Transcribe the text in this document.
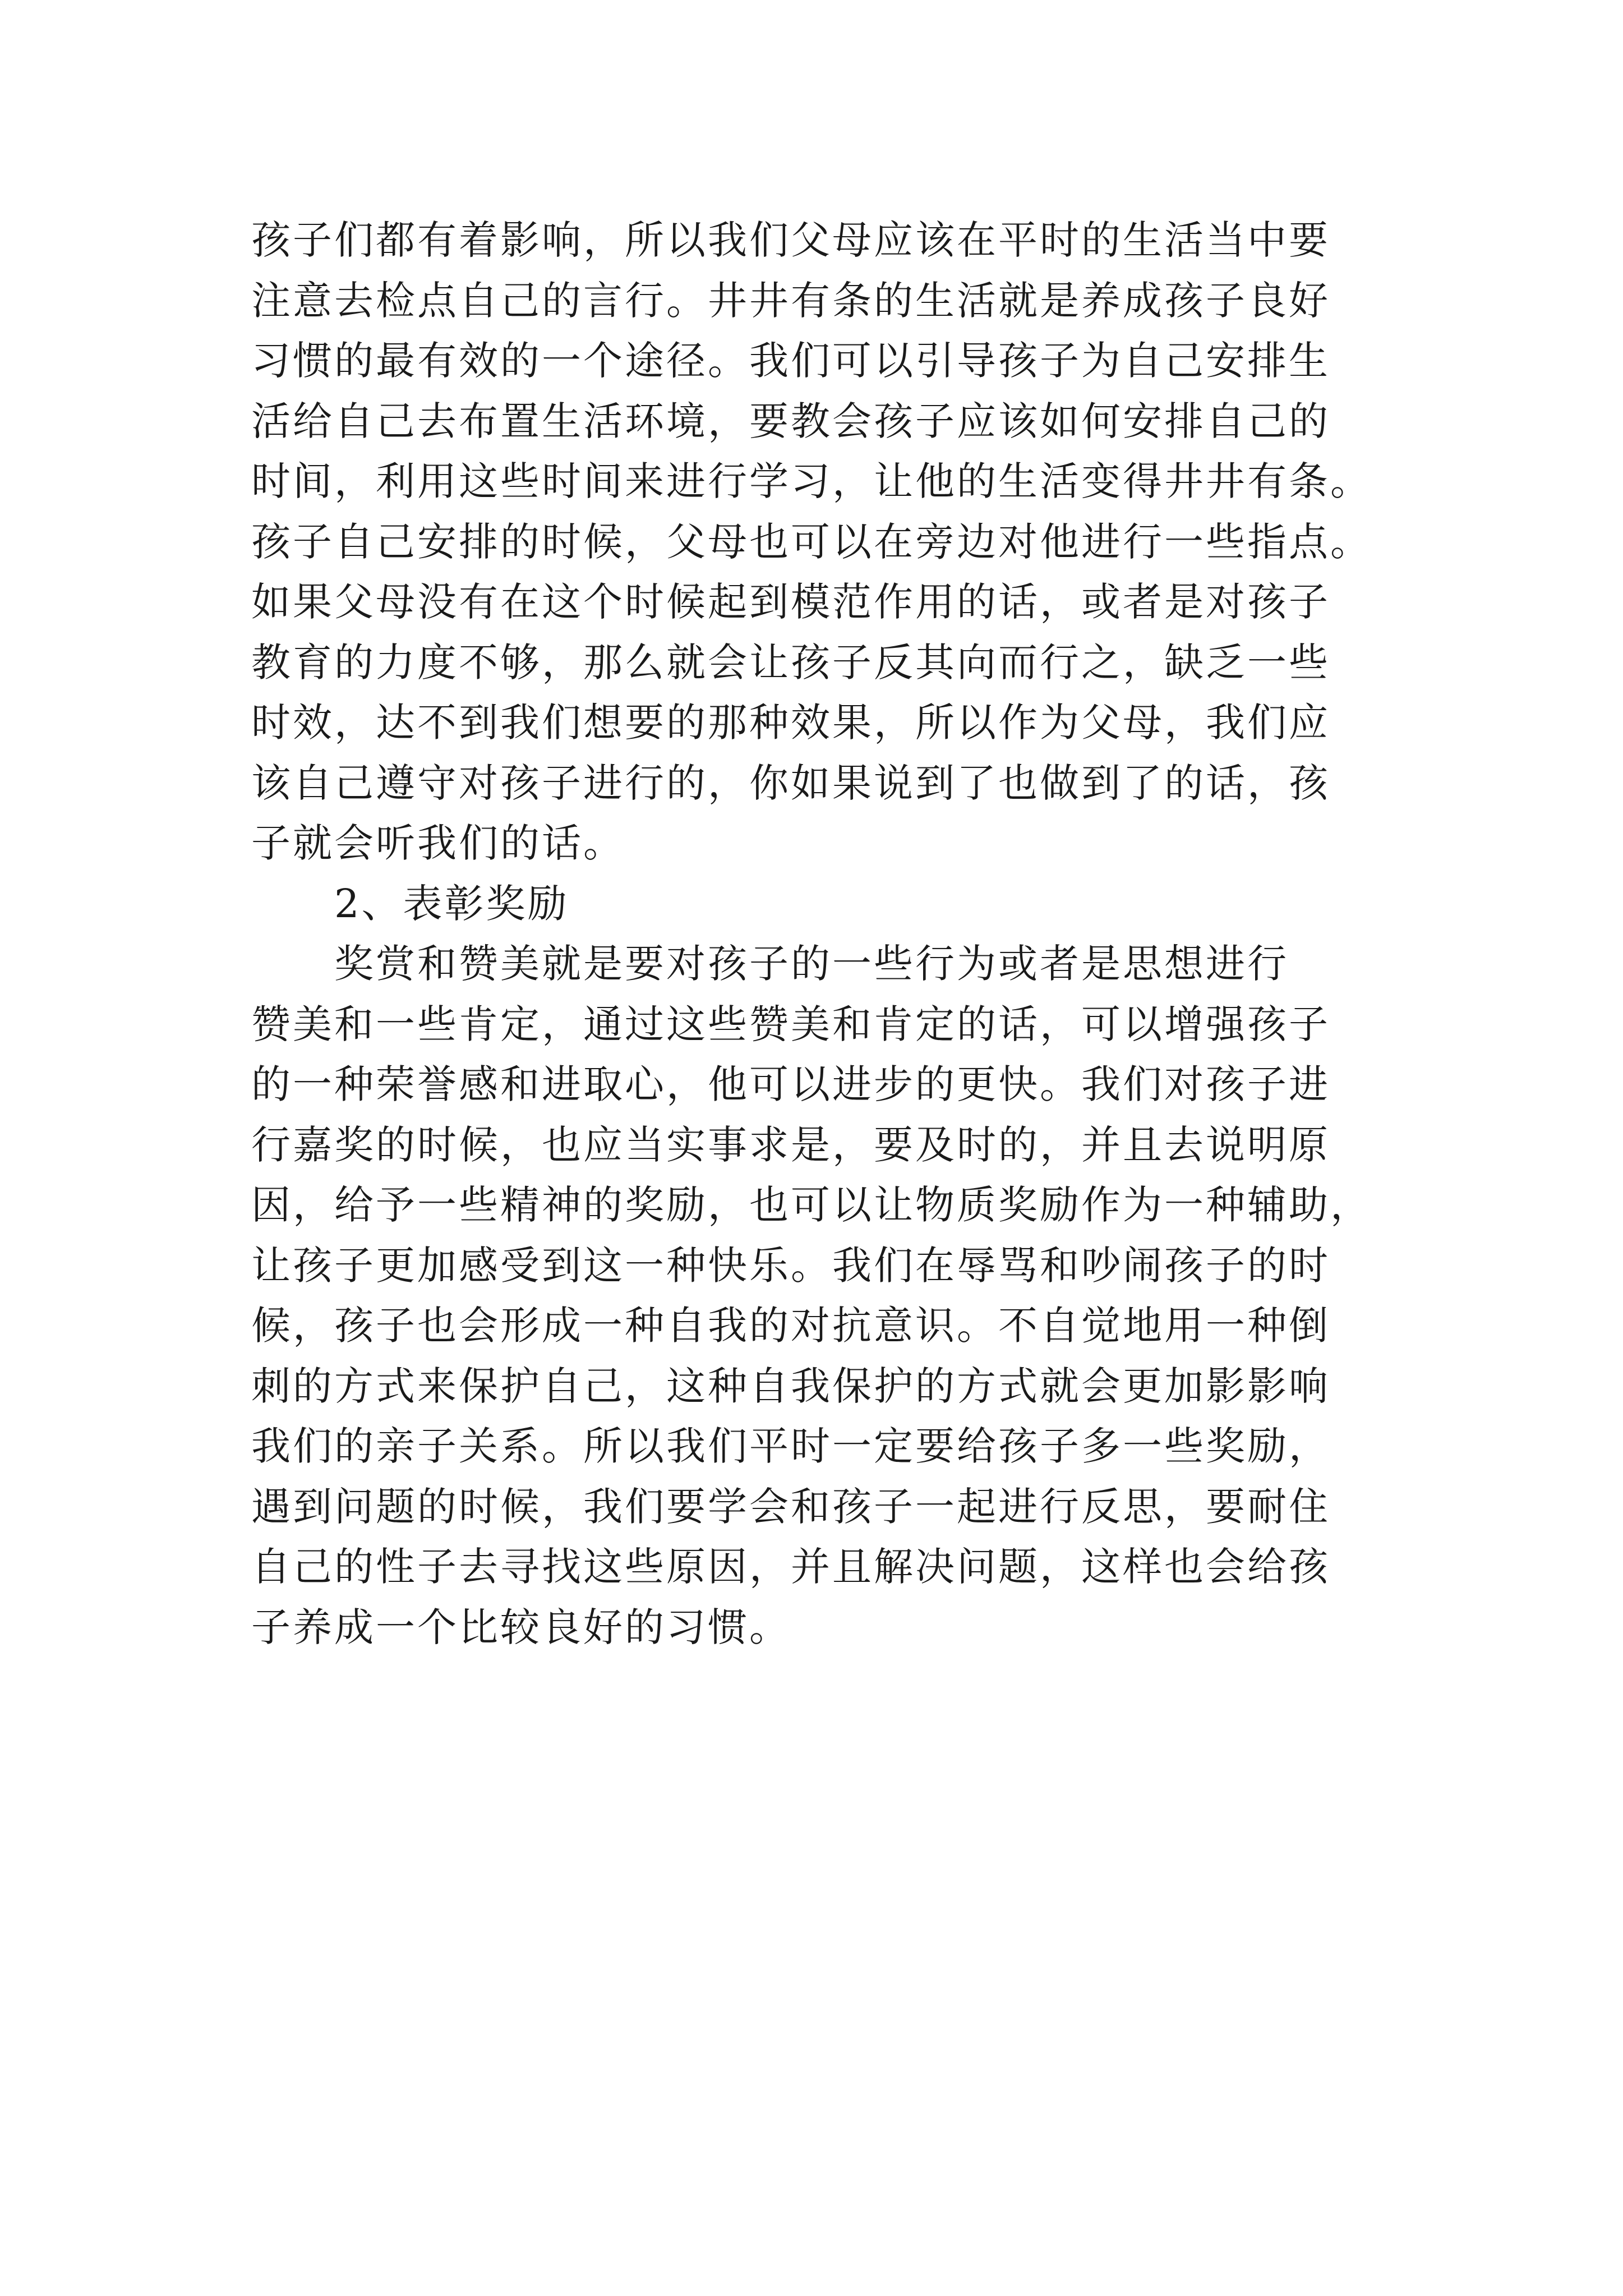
孩子们都有着影响，所以我们父母应该在平时的生活当中要
注意去检点自己的言行。井井有条的生活就是养成孩子良好
习惯的最有效的一个途径。我们可以引导孩子为自己安排生
活给自己去布置生活环境，要教会孩子应该如何安排自己的
时间，利用这些时间来进行学习，让他的生活变得井井有条。
孩子自己安排的时候，父母也可以在旁边对他进行一些指点。
如果父母没有在这个时候起到模范作用的话，或者是对孩子
教育的力度不够，那么就会让孩子反其向而行之，缺乏一些
时效，达不到我们想要的那种效果，所以作为父母，我们应
该自己遵守对孩子进行的，你如果说到了也做到了的话，孩
子就会听我们的话。
2、表彰奖励
奖赏和赞美就是要对孩子的一些行为或者是思想进行
赞美和一些肯定，通过这些赞美和肯定的话，可以增强孩子
的一种荣誉感和进取心，他可以进步的更快。我们对孩子进
行嘉奖的时候，也应当实事求是，要及时的，并且去说明原
因，给予一些精神的奖励，也可以让物质奖励作为一种辅助，
让孩子更加感受到这一种快乐。我们在辱骂和吵闹孩子的时
候，孩子也会形成一种自我的对抗意识。不自觉地用一种倒
刺的方式来保护自己，这种自我保护的方式就会更加影影响
我们的亲子关系。所以我们平时一定要给孩子多一些奖励，
遇到问题的时候，我们要学会和孩子一起进行反思，要耐住
自己的性子去寻找这些原因，并且解决问题，这样也会给孩
子养成一个比较良好的习惯。
